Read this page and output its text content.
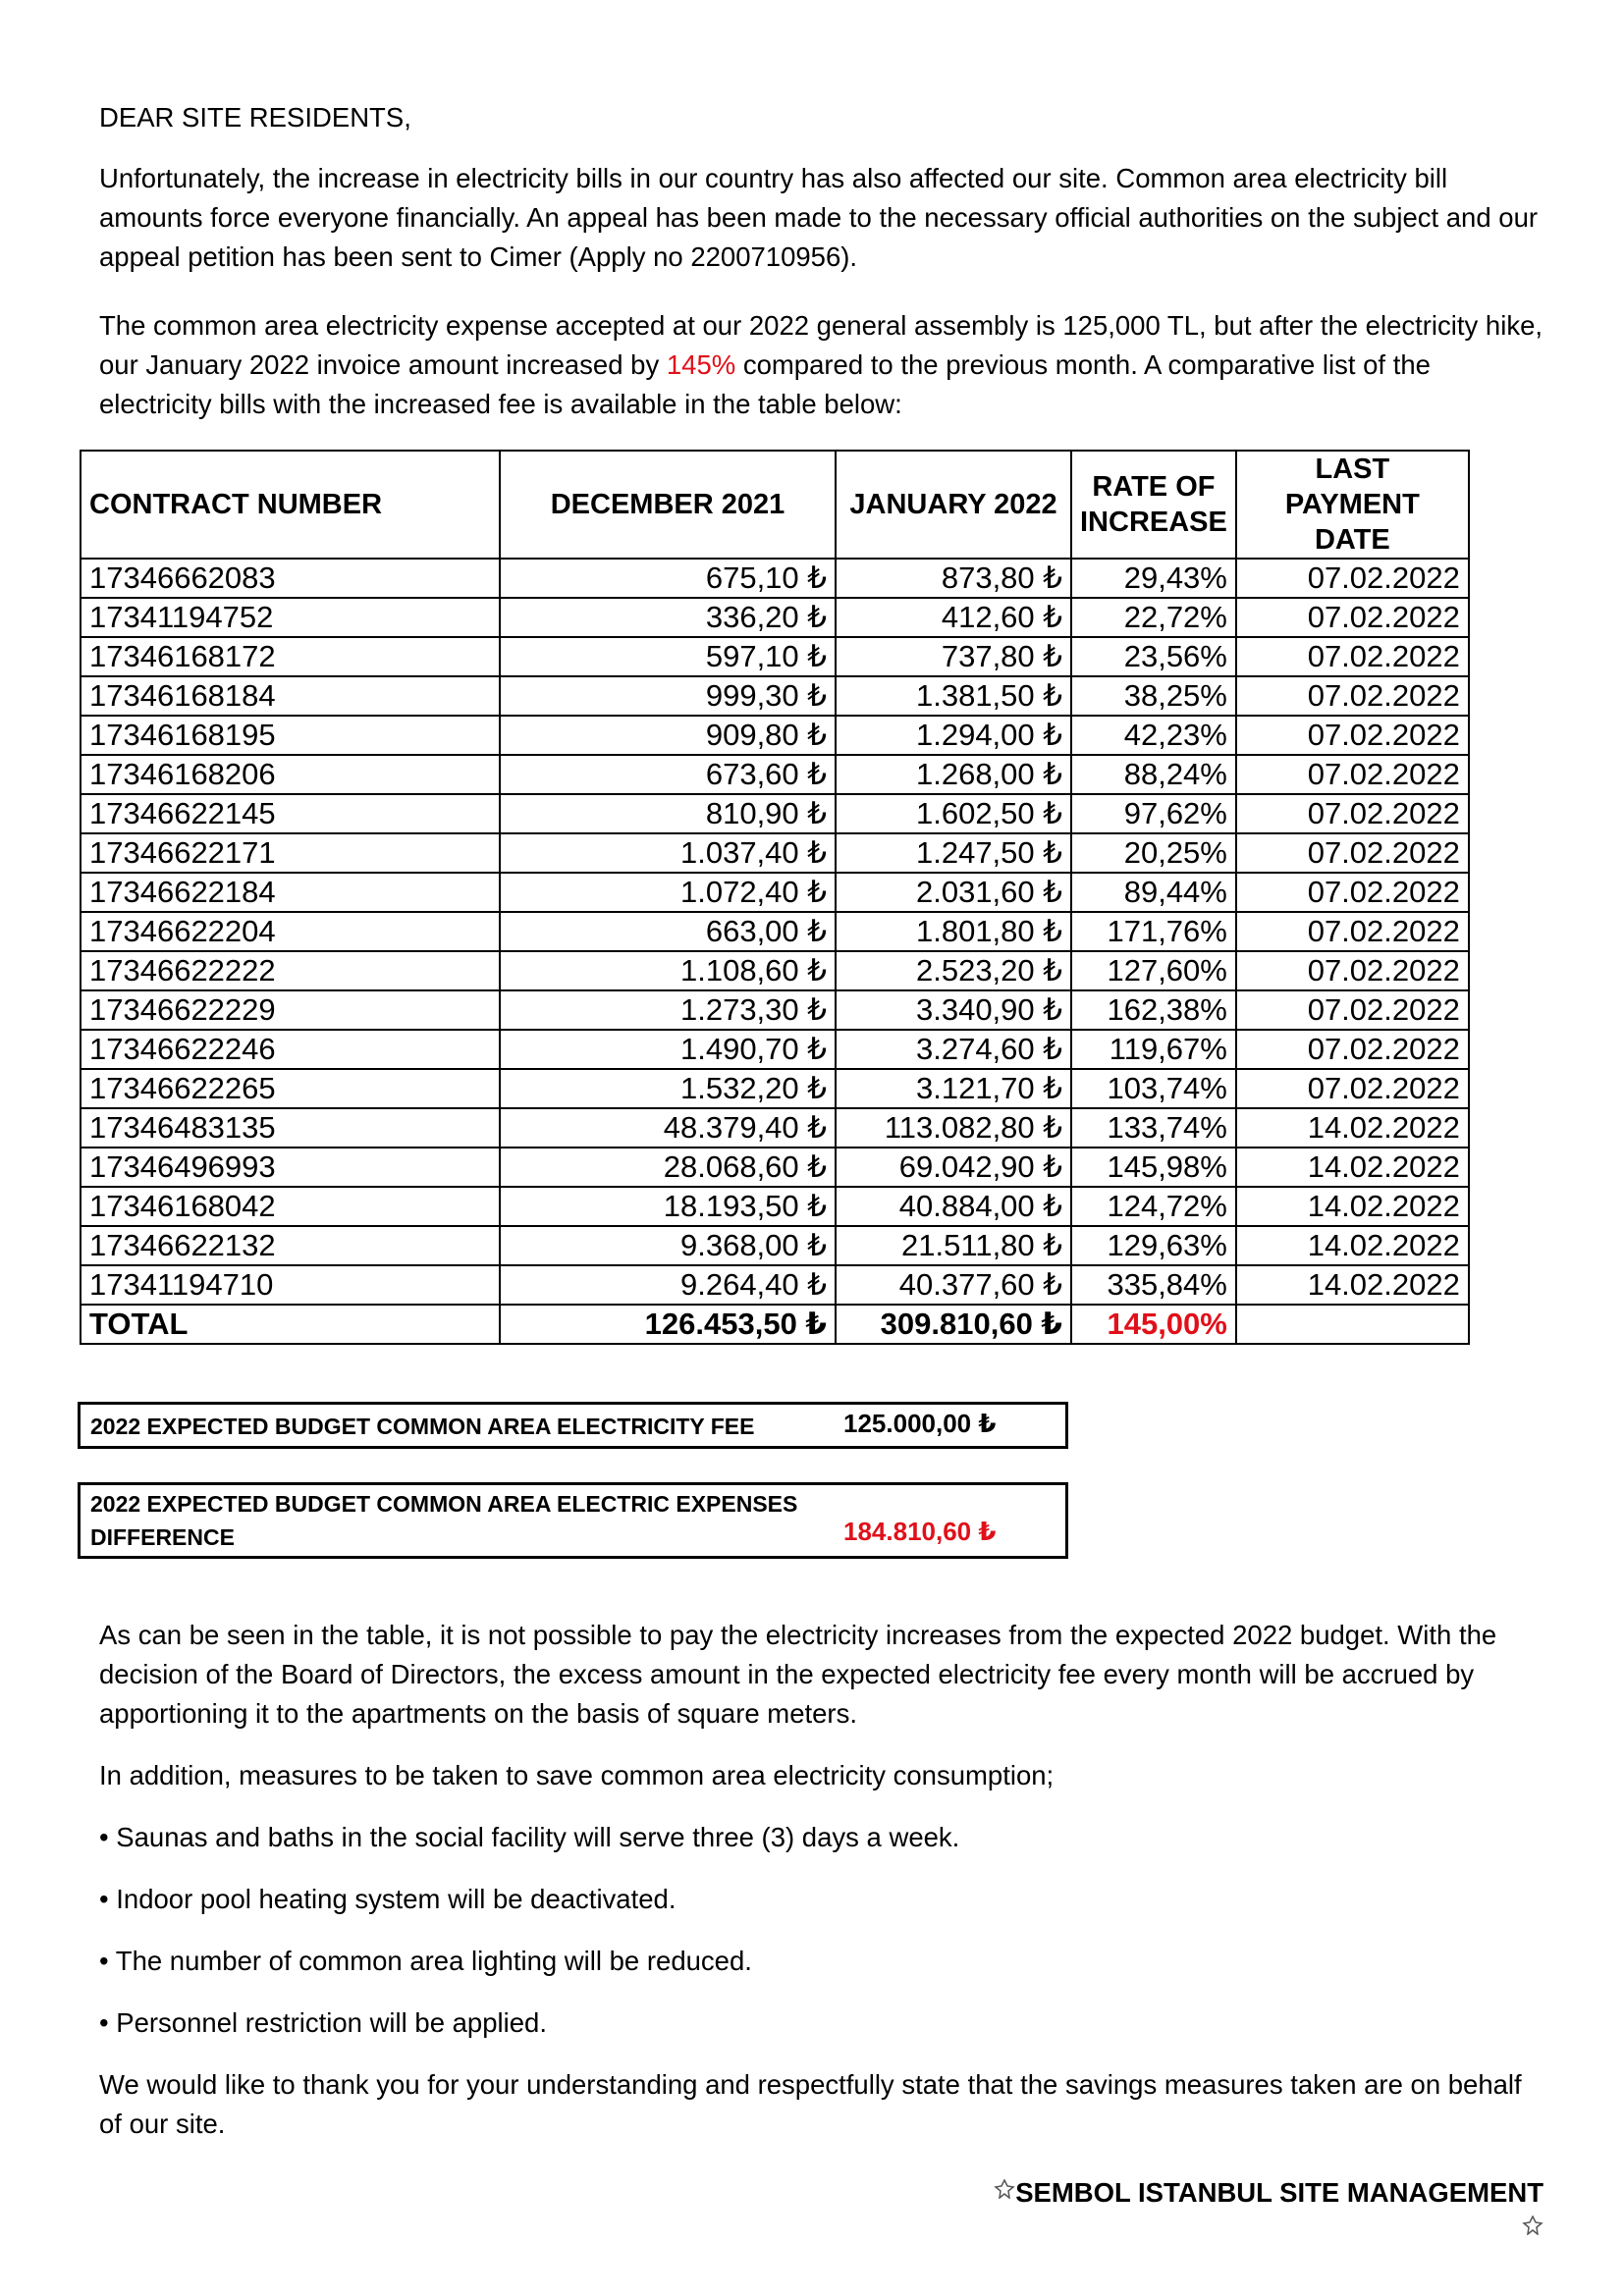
DEAR SITE RESIDENTS,
Unfortunately, the increase in electricity bills in our country has also affected our site. Common area electricity bill amounts force everyone financially. An appeal has been made to the necessary official authorities on the subject and our appeal petition has been sent to Cimer (Apply no 2200710956).
The common area electricity expense accepted at our 2022 general assembly is 125,000 TL, but after the electricity hike, our January 2022 invoice amount increased by 145% compared to the previous month. A comparative list of the electricity bills with the increased fee is available in the table below:
CONTRACT NUMBER	DECEMBER 2021	JANUARY 2022	RATE OF INCREASE	LAST PAYMENT DATE
17346662083	675,10 ₺	873,80 ₺	29,43%	07.02.2022
17341194752	336,20 ₺	412,60 ₺	22,72%	07.02.2022
17346168172	597,10 ₺	737,80 ₺	23,56%	07.02.2022
17346168184	999,30 ₺	1.381,50 ₺	38,25%	07.02.2022
17346168195	909,80 ₺	1.294,00 ₺	42,23%	07.02.2022
17346168206	673,60 ₺	1.268,00 ₺	88,24%	07.02.2022
17346622145	810,90 ₺	1.602,50 ₺	97,62%	07.02.2022
17346622171	1.037,40 ₺	1.247,50 ₺	20,25%	07.02.2022
17346622184	1.072,40 ₺	2.031,60 ₺	89,44%	07.02.2022
17346622204	663,00 ₺	1.801,80 ₺	171,76%	07.02.2022
17346622222	1.108,60 ₺	2.523,20 ₺	127,60%	07.02.2022
17346622229	1.273,30 ₺	3.340,90 ₺	162,38%	07.02.2022
17346622246	1.490,70 ₺	3.274,60 ₺	119,67%	07.02.2022
17346622265	1.532,20 ₺	3.121,70 ₺	103,74%	07.02.2022
17346483135	48.379,40 ₺	113.082,80 ₺	133,74%	14.02.2022
17346496993	28.068,60 ₺	69.042,90 ₺	145,98%	14.02.2022
17346168042	18.193,50 ₺	40.884,00 ₺	124,72%	14.02.2022
17346622132	9.368,00 ₺	21.511,80 ₺	129,63%	14.02.2022
17341194710	9.264,40 ₺	40.377,60 ₺	335,84%	14.02.2022
TOTAL	126.453,50 ₺	309.810,60 ₺	145,00%	
2022 EXPECTED BUDGET COMMON AREA ELECTRICITY FEE	125.000,00 ₺
2022 EXPECTED BUDGET COMMON AREA ELECTRIC EXPENSES DIFFERENCE	184.810,60 ₺

As can be seen in the table, it is not possible to pay the electricity increases from the expected 2022 budget. With the decision of the Board of Directors, the excess amount in the expected electricity fee every month will be accrued by apportioning it to the apartments on the basis of square meters.

In addition, measures to be taken to save common area electricity consumption;

• Saunas and baths in the social facility will serve three (3) days a week.

• Indoor pool heating system will be deactivated.

• The number of common area lighting will be reduced.

• Personnel restriction will be applied.

We would like to thank you for your understanding and respectfully state that the savings measures taken are on behalf of our site.

SEMBOL ISTANBUL SITE MANAGEMENT
